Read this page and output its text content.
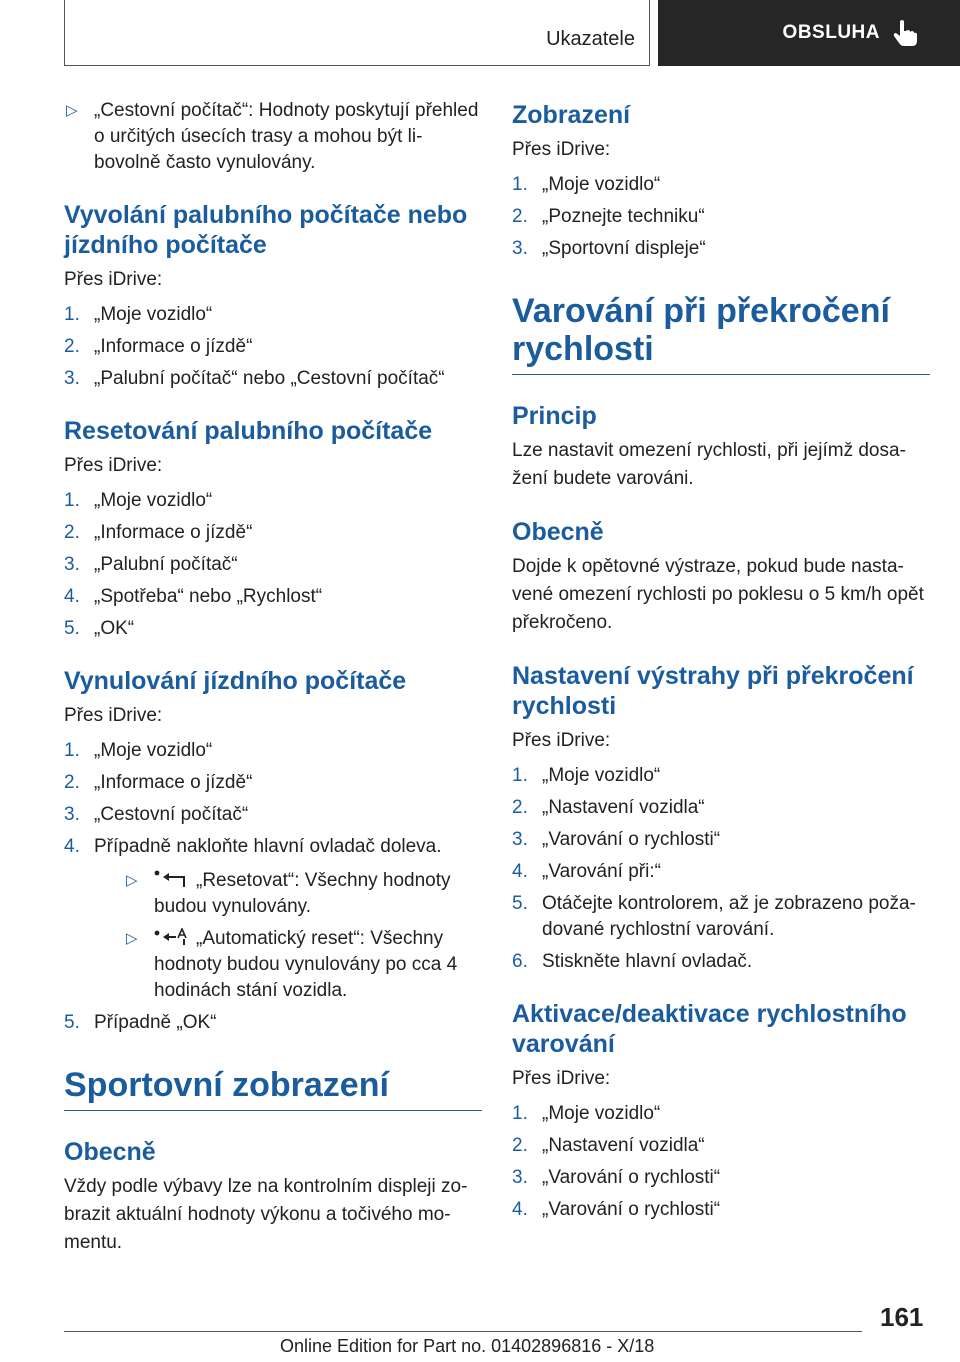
Ukazatele	OBSLUHA
▷ „Cestovní počítač“: Hodnoty poskytují přehled o určitých úsecích trasy a mohou být libovolně často vynulovány.
Vyvolání palubního počítače nebo jízdního počítače

Přes iDrive:

1. „Moje vozidlo“
2. „Informace o jízdě“
3. „Palubní počítač“ nebo „Cestovní počítač“
Resetování palubního počítače

Přes iDrive:

1. „Moje vozidlo“
2. „Informace o jízdě“
3. „Palubní počítač“
4. „Spotřeba“ nebo „Rychlost“
5. „OK“
Vynulování jízdního počítače

Přes iDrive:

1. „Moje vozidlo“
2. „Informace o jízdě“
3. „Cestovní počítač“
4. Případně nakloňte hlavní ovladač doleva.
▷	„Resetovat“: Všechny hodnoty budou vynulovány.
▷	„Automatický reset“: Všechny hodnoty budou vynulovány po cca 4 hodinách stání vozidla.
5. Případně „OK“
Sportovní zobrazení
Obecně

Vždy podle výbavy lze na kontrolním displeji zobrazit aktuální hodnoty výkonu a točivého momentu.

Zobrazení

Přes iDrive:

1. „Moje vozidlo“
2. „Poznejte techniku“
3. „Sportovní displeje“
Varování při překročení rychlosti
Princip

Lze nastavit omezení rychlosti, při jejímž dosažení budete varováni.

Obecně

Dojde k opětovné výstraze, pokud bude nastavené omezení rychlosti po poklesu o 5 km/h opět překročeno.

Nastavení výstrahy při překročení rychlosti

Přes iDrive:

1. „Moje vozidlo“
2. „Nastavení vozidla“
3. „Varování o rychlosti“
4. „Varování při:“
5. Otáčejte kontrolorem, až je zobrazeno požadované rychlostní varování.
6. Stiskněte hlavní ovladač.
Aktivace/deaktivace rychlostního varování

Přes iDrive:

1. „Moje vozidlo“
2. „Nastavení vozidla“
3. „Varování o rychlosti“
4. „Varování o rychlosti“
161
Online Edition for Part no. 01402896816 - X/18
